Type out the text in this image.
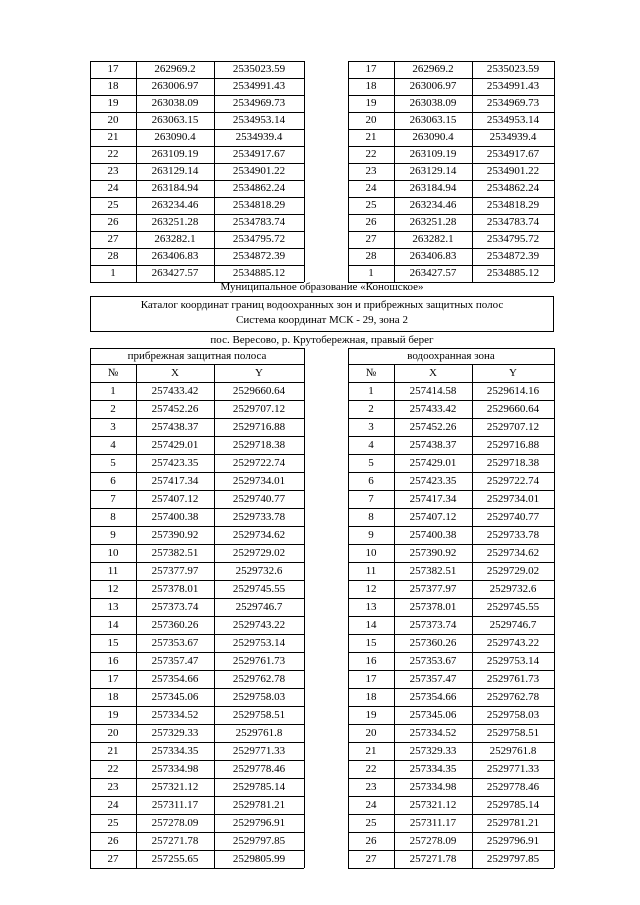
17	262969.2	2535023.59	17	262969.2	2535023.59
18	263006.97	2534991.43	18	263006.97	2534991.43
19	263038.09	2534969.73	19	263038.09	2534969.73
20	263063.15	2534953.14	20	263063.15	2534953.14
21	263090.4	2534939.4	21	263090.4	2534939.4
22	263109.19	2534917.67	22	263109.19	2534917.67
23	263129.14	2534901.22	23	263129.14	2534901.22
24	263184.94	2534862.24	24	263184.94	2534862.24
25	263234.46	2534818.29	25	263234.46	2534818.29
26	263251.28	2534783.74	26	263251.28	2534783.74
27	263282.1	2534795.72	27	263282.1	2534795.72
28	263406.83	2534872.39	28	263406.83	2534872.39
1	263427.57	2534885.12	1	263427.57	2534885.12
Муниципальное образование «Коношское»
Каталог координат границ водоохранных зон и прибрежных защитных полос
Система координат МСК - 29, зона 2
пос. Вересово, р. Крутобережная, правый берег
прибрежная защитная полоса	водоохранная зона
№	X	Y	№	X	Y
1	257433.42	2529660.64	1	257414.58	2529614.16
2	257452.26	2529707.12	2	257433.42	2529660.64
3	257438.37	2529716.88	3	257452.26	2529707.12
4	257429.01	2529718.38	4	257438.37	2529716.88
5	257423.35	2529722.74	5	257429.01	2529718.38
6	257417.34	2529734.01	6	257423.35	2529722.74
7	257407.12	2529740.77	7	257417.34	2529734.01
8	257400.38	2529733.78	8	257407.12	2529740.77
9	257390.92	2529734.62	9	257400.38	2529733.78
10	257382.51	2529729.02	10	257390.92	2529734.62
11	257377.97	2529732.6	11	257382.51	2529729.02
12	257378.01	2529745.55	12	257377.97	2529732.6
13	257373.74	2529746.7	13	257378.01	2529745.55
14	257360.26	2529743.22	14	257373.74	2529746.7
15	257353.67	2529753.14	15	257360.26	2529743.22
16	257357.47	2529761.73	16	257353.67	2529753.14
17	257354.66	2529762.78	17	257357.47	2529761.73
18	257345.06	2529758.03	18	257354.66	2529762.78
19	257334.52	2529758.51	19	257345.06	2529758.03
20	257329.33	2529761.8	20	257334.52	2529758.51
21	257334.35	2529771.33	21	257329.33	2529761.8
22	257334.98	2529778.46	22	257334.35	2529771.33
23	257321.12	2529785.14	23	257334.98	2529778.46
24	257311.17	2529781.21	24	257321.12	2529785.14
25	257278.09	2529796.91	25	257311.17	2529781.21
26	257271.78	2529797.85	26	257278.09	2529796.91
27	257255.65	2529805.99	27	257271.78	2529797.85
